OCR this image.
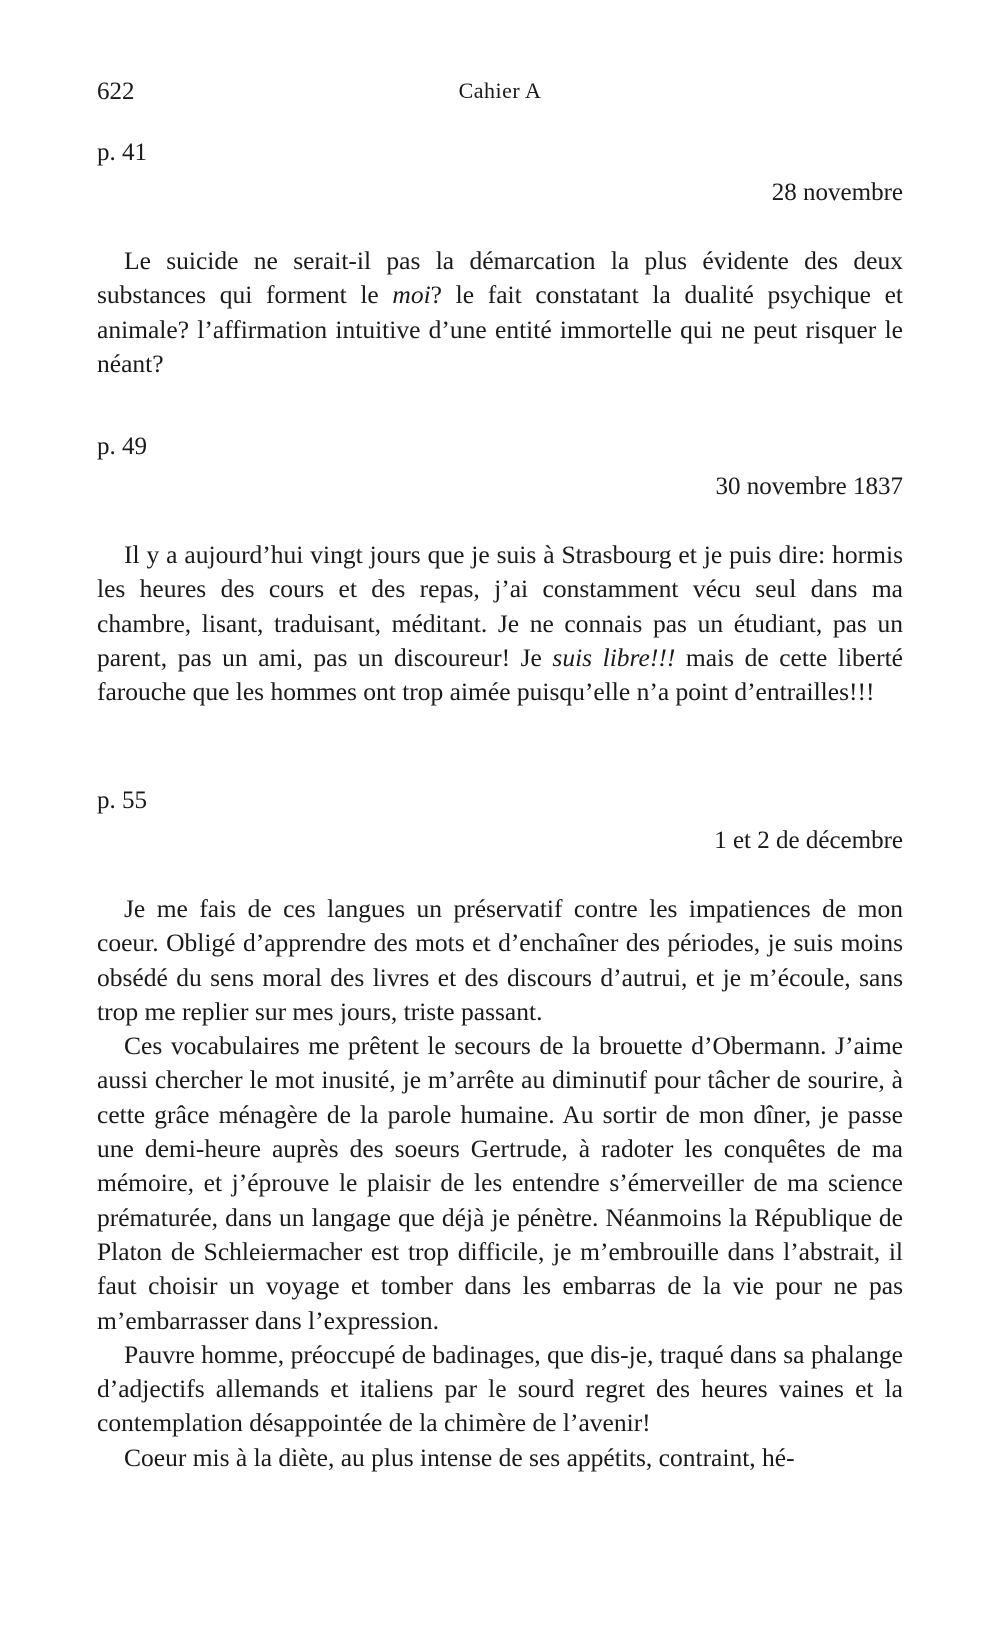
622	Cahier A
p. 41
28 novembre

Le suicide ne serait-il pas la démarcation la plus évidente des deux substances qui forment le moi? le fait constatant la dualité psychique et animale? l’affirmation intuitive d’une entité immortelle qui ne peut risquer le néant?

p. 49
30 novembre 1837

Il y a aujourd’hui vingt jours que je suis à Strasbourg et je puis dire: hormis les heures des cours et des repas, j’ai constamment vécu seul dans ma chambre, lisant, traduisant, méditant. Je ne connais pas un étudiant, pas un parent, pas un ami, pas un discoureur! Je suis libre!!! mais de cette liberté farouche que les hommes ont trop aimée puisqu’elle n’a point d’entrailles!!!

p. 55
1 et 2 de décembre

Je me fais de ces langues un préservatif contre les impatiences de mon coeur. Obligé d’apprendre des mots et d’enchaîner des périodes, je suis moins obsédé du sens moral des livres et des discours d’autrui, et je m’écoule, sans trop me replier sur mes jours, triste passant.

Ces vocabulaires me prêtent le secours de la brouette d’Obermann. J’aime aussi chercher le mot inusité, je m’arrête au diminutif pour tâcher de sourire, à cette grâce ménagère de la parole humaine. Au sortir de mon dîner, je passe une demi-heure auprès des soeurs Gertrude, à radoter les conquêtes de ma mémoire, et j’éprouve le plaisir de les entendre s’émerveiller de ma science prématurée, dans un langage que déjà je pénètre. Néanmoins la République de Platon de Schleiermacher est trop difficile, je m’embrouille dans l’abstrait, il faut choisir un voyage et tomber dans les embarras de la vie pour ne pas m’embarrasser dans l’expression.

Pauvre homme, préoccupé de badinages, que dis-je, traqué dans sa phalange d’adjectifs allemands et italiens par le sourd regret des heures vaines et la contemplation désappointée de la chimère de l’avenir!

Coeur mis à la diète, au plus intense de ses appétits, contraint, hé-
